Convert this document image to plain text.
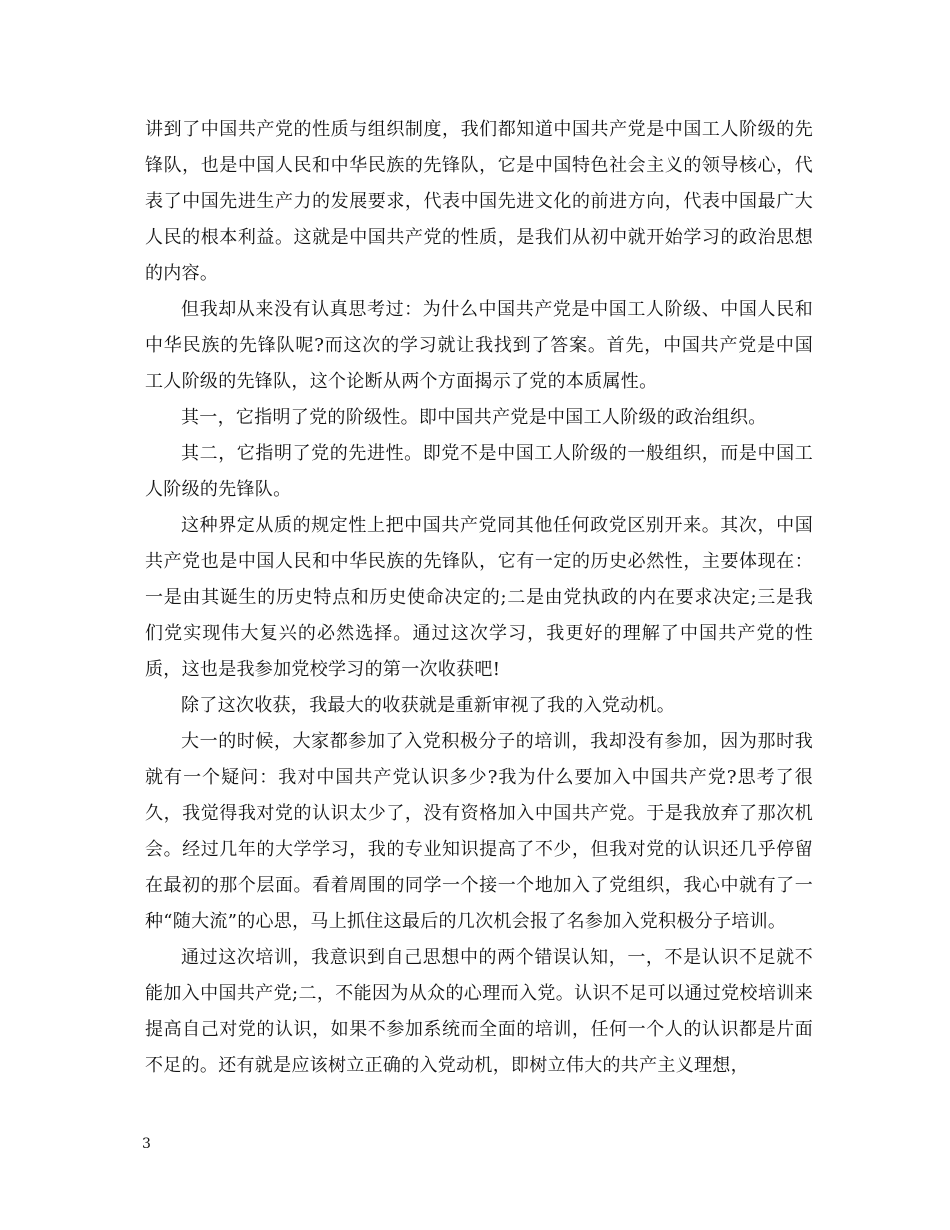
讲到了中国共产党的性质与组织制度，我们都知道中国共产党是中国工人阶级的先锋队，也是中国人民和中华民族的先锋队，它是中国特色社会主义的领导核心，代表了中国先进生产力的发展要求，代表中国先进文化的前进方向，代表中国最广大人民的根本利益。这就是中国共产党的性质，是我们从初中就开始学习的政治思想的内容。

但我却从来没有认真思考过：为什么中国共产党是中国工人阶级、中国人民和中华民族的先锋队呢?而这次的学习就让我找到了答案。首先，中国共产党是中国工人阶级的先锋队，这个论断从两个方面揭示了党的本质属性。

其一，它指明了党的阶级性。即中国共产党是中国工人阶级的政治组织。

其二，它指明了党的先进性。即党不是中国工人阶级的一般组织，而是中国工人阶级的先锋队。

这种界定从质的规定性上把中国共产党同其他任何政党区别开来。其次，中国共产党也是中国人民和中华民族的先锋队，它有一定的历史必然性，主要体现在：一是由其诞生的历史特点和历史使命决定的;二是由党执政的内在要求决定;三是我们党实现伟大复兴的必然选择。通过这次学习，我更好的理解了中国共产党的性质，这也是我参加党校学习的第一次收获吧!

除了这次收获，我最大的收获就是重新审视了我的入党动机。

大一的时候，大家都参加了入党积极分子的培训，我却没有参加，因为那时我就有一个疑问：我对中国共产党认识多少?我为什么要加入中国共产党?思考了很久，我觉得我对党的认识太少了，没有资格加入中国共产党。于是我放弃了那次机会。经过几年的大学学习，我的专业知识提高了不少，但我对党的认识还几乎停留在最初的那个层面。看着周围的同学一个接一个地加入了党组织，我心中就有了一种“随大流”的心思，马上抓住这最后的几次机会报了名参加入党积极分子培训。

通过这次培训，我意识到自己思想中的两个错误认知，一，不是认识不足就不能加入中国共产党;二，不能因为从众的心理而入党。认识不足可以通过党校培训来提高自己对党的认识，如果不参加系统而全面的培训，任何一个人的认识都是片面不足的。还有就是应该树立正确的入党动机，即树立伟大的共产主义理想，

3
